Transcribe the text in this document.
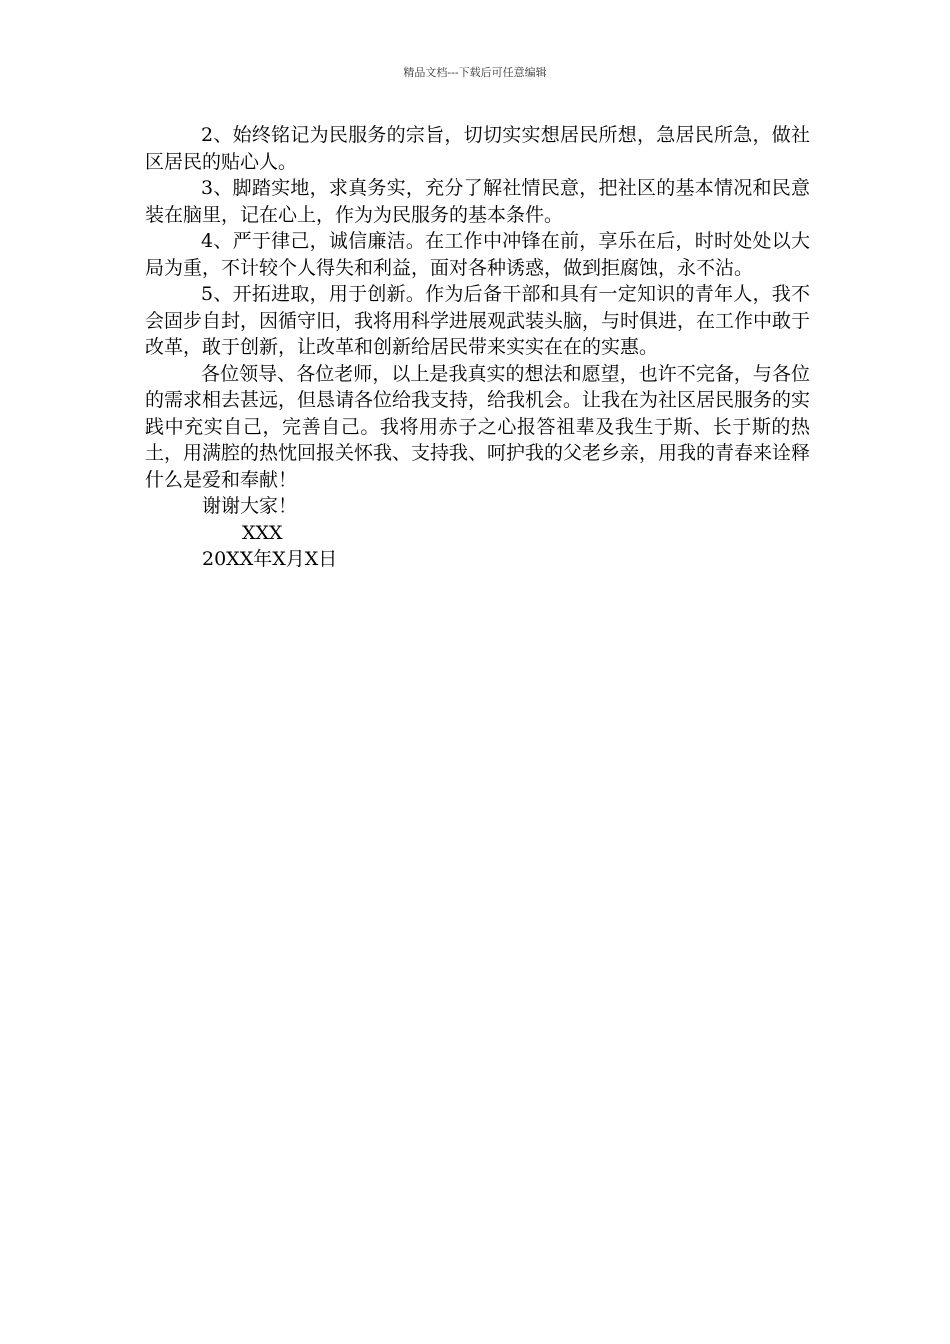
精品文档---下载后可任意编辑

2、始终铭记为民服务的宗旨，切切实实想居民所想，急居民所急，做社区居民的贴心人。

3、脚踏实地，求真务实，充分了解社情民意，把社区的基本情况和民意装在脑里，记在心上，作为为民服务的基本条件。

4、严于律己，诚信廉洁。在工作中冲锋在前，享乐在后，时时处处以大局为重，不计较个人得失和利益，面对各种诱惑，做到拒腐蚀，永不沾。

5、开拓进取，用于创新。作为后备干部和具有一定知识的青年人，我不会固步自封，因循守旧，我将用科学进展观武装头脑，与时俱进，在工作中敢于改革，敢于创新，让改革和创新给居民带来实实在在的实惠。

各位领导、各位老师，以上是我真实的想法和愿望，也许不完备，与各位的需求相去甚远，但恳请各位给我支持，给我机会。让我在为社区居民服务的实践中充实自己，完善自己。我将用赤子之心报答祖辈及我生于斯、长于斯的热土，用满腔的热忱回报关怀我、支持我、呵护我的父老乡亲，用我的青春来诠释什么是爱和奉献！

谢谢大家！

XXX

20XX年X月X日
